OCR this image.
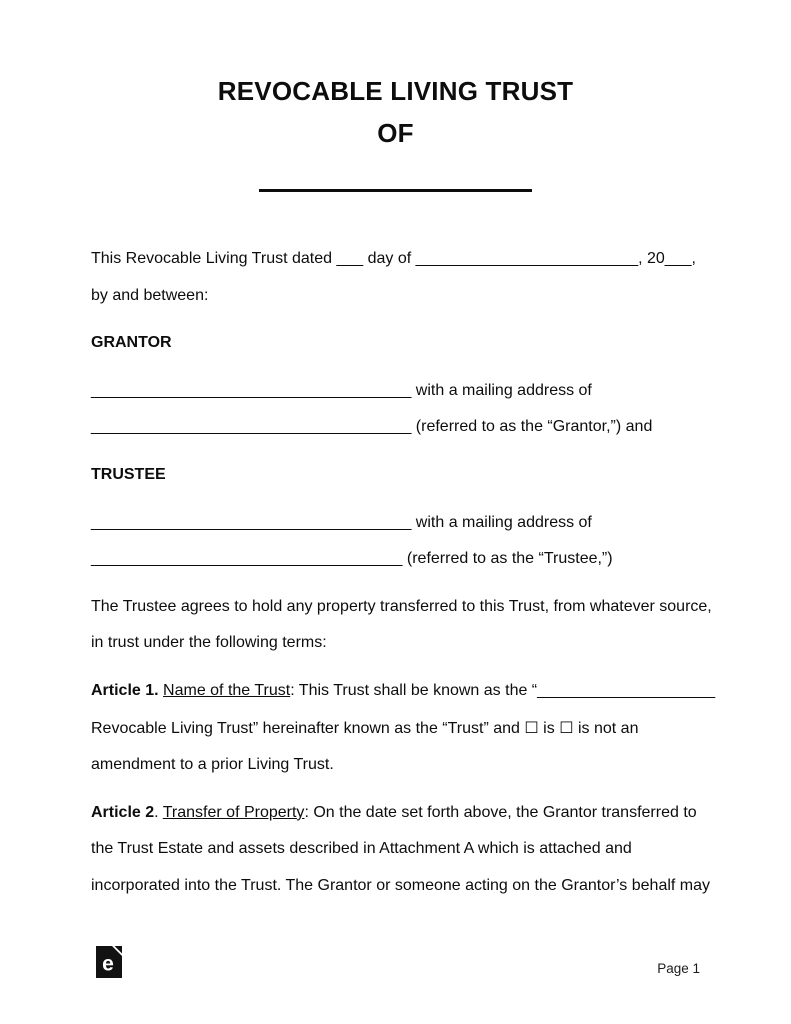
REVOCABLE LIVING TRUST
OF

This Revocable Living Trust dated ___ day of _________________________, 20___,
by and between:

GRANTOR

____________________________________ with a mailing address of
____________________________________ (referred to as the “Grantor,”) and

TRUSTEE

____________________________________ with a mailing address of
___________________________________ (referred to as the “Trustee,”)

The Trustee agrees to hold any property transferred to this Trust, from whatever source,
in trust under the following terms:

Article 1. Name of the Trust: This Trust shall be known as the “____________________
Revocable Living Trust” hereinafter known as the “Trust” and ☐ is ☐ is not an
amendment to a prior Living Trust.

Article 2. Transfer of Property: On the date set forth above, the Grantor transferred to
the Trust Estate and assets described in Attachment A which is attached and
incorporated into the Trust. The Grantor or someone acting on the Grantor’s behalf may

e	Page 1
